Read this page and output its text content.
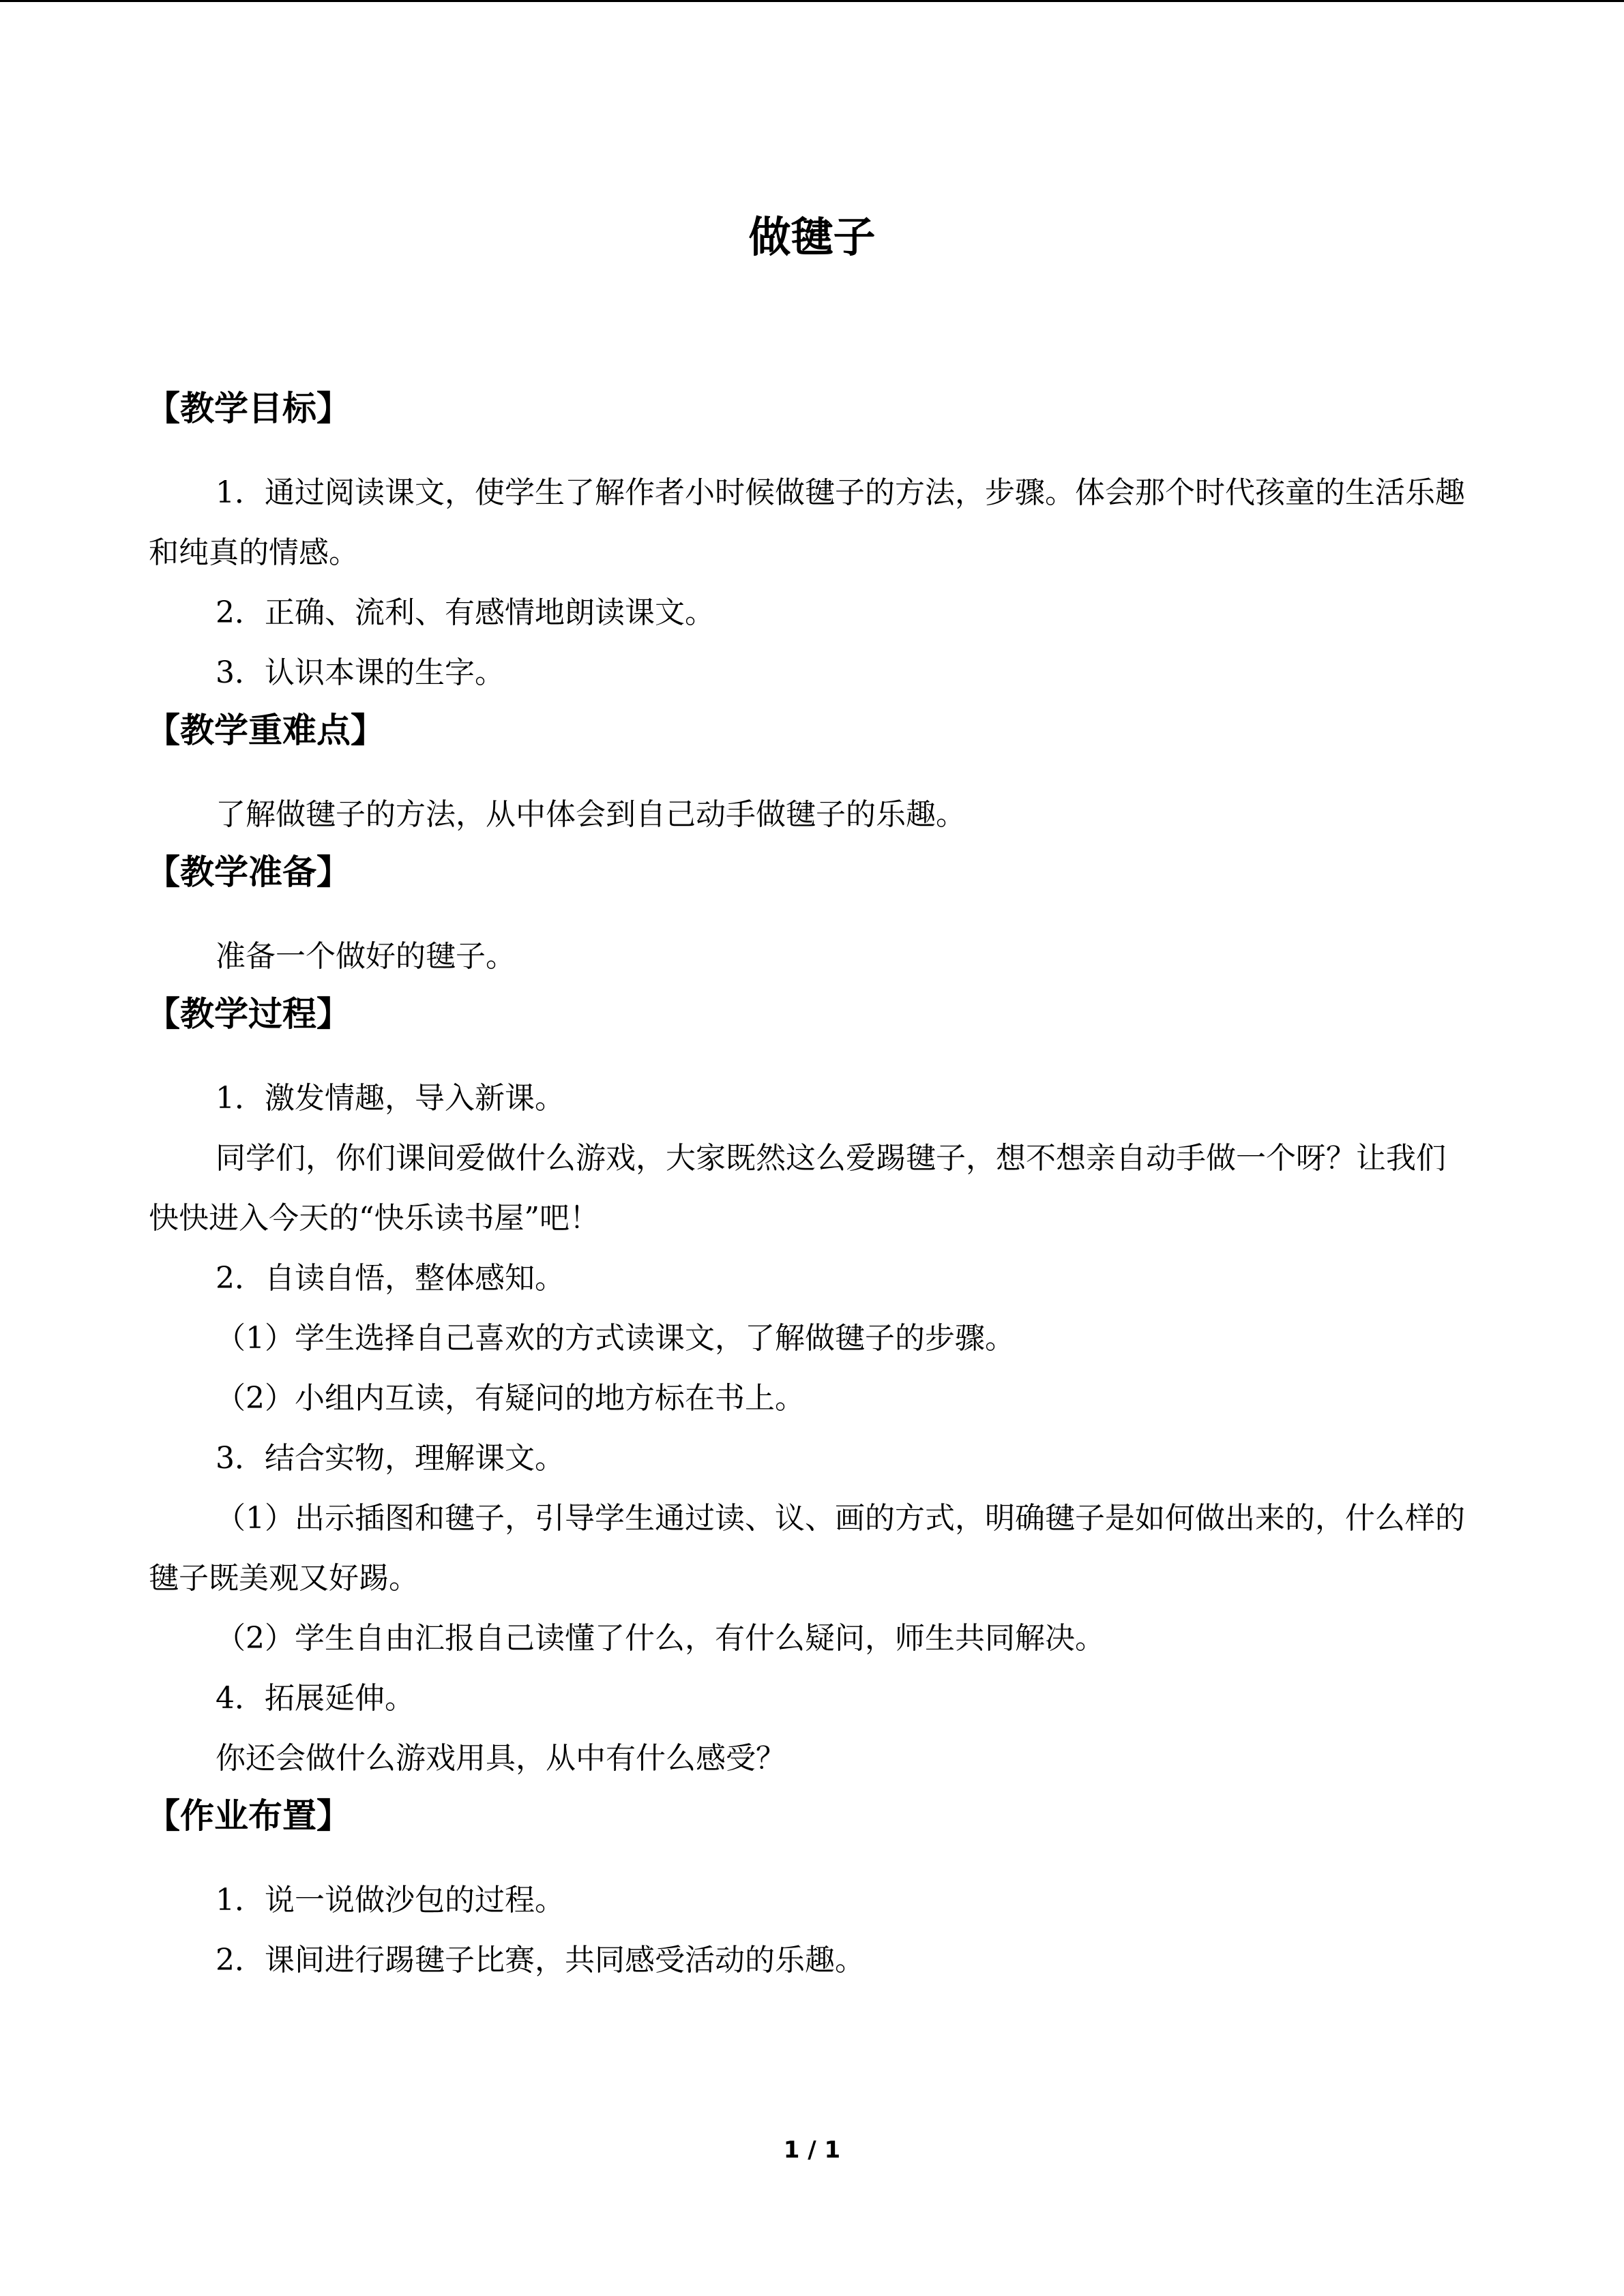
做毽子
【教学目标】

1．通过阅读课文，使学生了解作者小时候做毽子的方法，步骤。体会那个时代孩童的生活乐趣和纯真的情感。

2．正确、流利、有感情地朗读课文。

3．认识本课的生字。

【教学重难点】

了解做毽子的方法，从中体会到自己动手做毽子的乐趣。

【教学准备】

准备一个做好的毽子。

【教学过程】

1．激发情趣，导入新课。

同学们，你们课间爱做什么游戏，大家既然这么爱踢毽子，想不想亲自动手做一个呀？让我们快快进入今天的“快乐读书屋”吧！

2．自读自悟，整体感知。

（1）学生选择自己喜欢的方式读课文，了解做毽子的步骤。

（2）小组内互读，有疑问的地方标在书上。

3．结合实物，理解课文。

（1）出示插图和毽子，引导学生通过读、议、画的方式，明确毽子是如何做出来的，什么样的毽子既美观又好踢。

（2）学生自由汇报自己读懂了什么，有什么疑问，师生共同解决。

4．拓展延伸。

你还会做什么游戏用具，从中有什么感受？

【作业布置】

1．说一说做沙包的过程。

2．课间进行踢毽子比赛，共同感受活动的乐趣。

1 / 1
